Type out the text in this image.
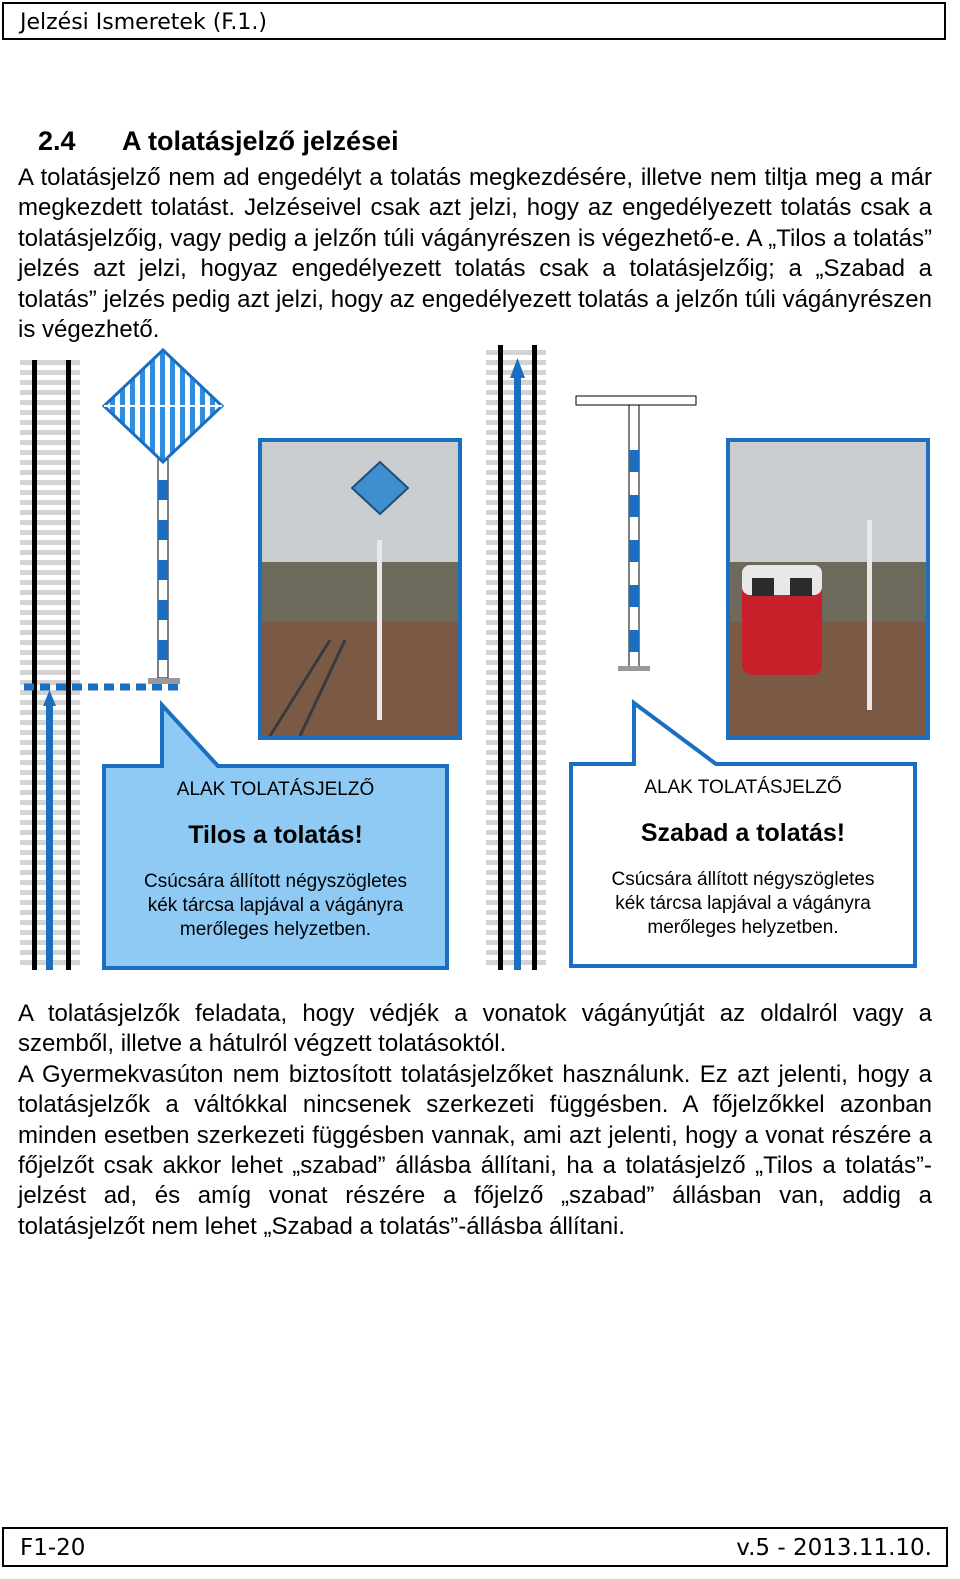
Jelzési Ismeretek (F.1.)
2.4 A tolatásjelző jelzései

A tolatásjelző nem ad engedélyt a tolatás megkezdésére, illetve nem tiltja meg a már megkezdett tolatást. Jelzéseivel csak azt jelzi, hogy az engedélyezett tolatás csak a tolatásjelzőig, vagy pedig a jelzőn túli vágányrészen is végezhető-e. A „Tilos a tolatás” jelzés azt jelzi, hogyaz engedélyezett tolatás csak a tolatásjelzőig; a „Szabad a tolatás” jelzés pedig azt jelzi, hogy az engedélyezett tolatás a jelzőn túli vágányrészen is végezhető.

ALAK TOLATÁSJELZŐ
Tilos a tolatás!
Csúcsára állított négyszögletes kék tárcsa lapjával a vágányra merőleges helyzetben.
ALAK TOLATÁSJELZŐ
Szabad a tolatás!
Csúcsára állított négyszögletes kék tárcsa lapjával a vágányra merőleges helyzetben.

A tolatásjelzők feladata, hogy védjék a vonatok vágányútját az oldalról vagy a szemből, illetve a hátulról végzett tolatásoktól.

A Gyermekvasúton nem biztosított tolatásjelzőket használunk. Ez azt jelenti, hogy a tolatásjelzők a váltókkal nincsenek szerkezeti függésben. A főjelzőkkel azonban minden esetben szerkezeti függésben vannak, ami azt jelenti, hogy a vonat részére a főjelzőt csak akkor lehet „szabad” állásba állítani, ha a tolatásjelző „Tilos a tolatás”-jelzést ad, és amíg vonat részére a főjelző „szabad” állásban van, addig a tolatásjelzőt nem lehet „Szabad a tolatás”-állásba állítani.

F1-20	v.5 - 2013.11.10.
